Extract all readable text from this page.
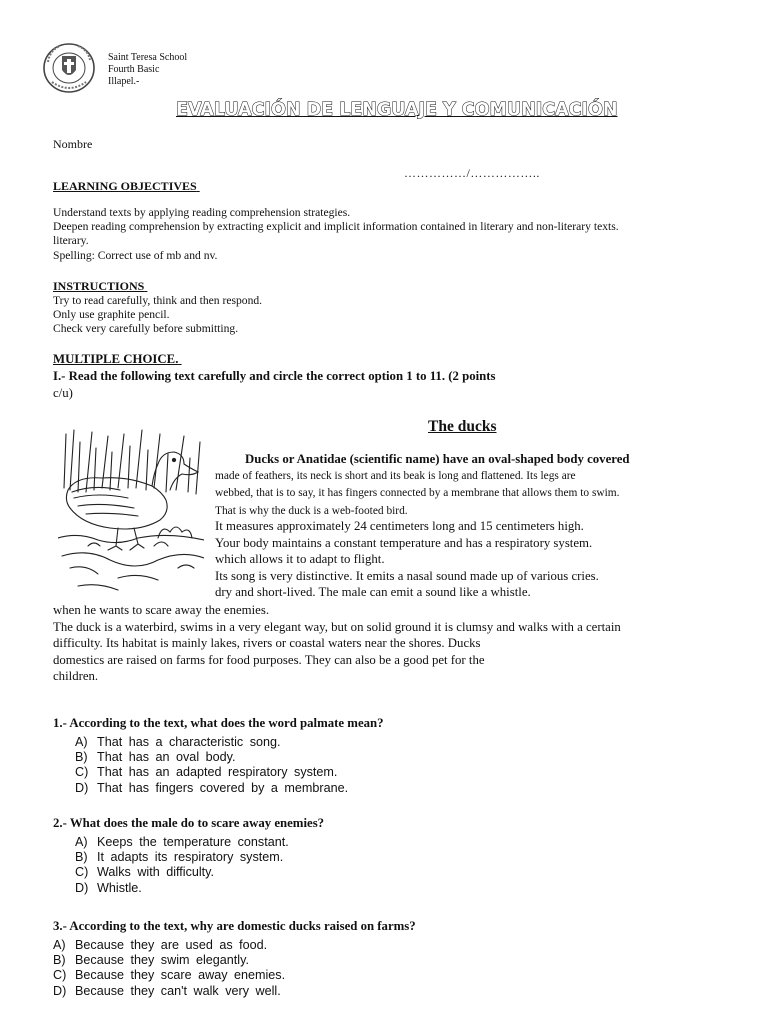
Saint Teresa School
Fourth Basic
Illapel.-
EVALUACIÓN DE LENGUAJE Y COMUNICACIÓN
Nombre
……………/……………..
LEARNING OBJECTIVES
Understand texts by applying reading comprehension strategies.
Deepen reading comprehension by extracting explicit and implicit information contained in literary and non-literary texts.
literary.
Spelling: Correct use of mb and nv.
INSTRUCTIONS
Try to read carefully, think and then respond.
Only use graphite pencil.
Check very carefully before submitting.
MULTIPLE CHOICE.
I.- Read the following text carefully and circle the correct option 1 to 11. (2 points
c/u)
The ducks
Ducks or Anatidae (scientific name) have an oval-shaped body covered
made of feathers, its neck is short and its beak is long and flattened. Its legs are
webbed, that is to say, it has fingers connected by a membrane that allows them to swim.
That is why the duck is a web-footed bird.
It measures approximately 24 centimeters long and 15 centimeters high.
Your body maintains a constant temperature and has a respiratory system.
which allows it to adapt to flight.
Its song is very distinctive. It emits a nasal sound made up of various cries.
dry and short-lived. The male can emit a sound like a whistle.
when he wants to scare away the enemies.
The duck is a waterbird, swims in a very elegant way, but on solid ground it is clumsy and walks with a certain
difficulty. Its habitat is mainly lakes, rivers or coastal waters near the shores. Ducks
domestics are raised on farms for food purposes. They can also be a good pet for the
children.
1.- According to the text, what does the word palmate mean?
A) That has a characteristic song.
B) That has an oval body.
C) That has an adapted respiratory system.
D) That has fingers covered by a membrane.
2.- What does the male do to scare away enemies?
A) Keeps the temperature constant.
B) It adapts its respiratory system.
C) Walks with difficulty.
D) Whistle.
3.- According to the text, why are domestic ducks raised on farms?
A) Because they are used as food.
B) Because they swim elegantly.
C) Because they scare away enemies.
D) Because they can't walk very well.
